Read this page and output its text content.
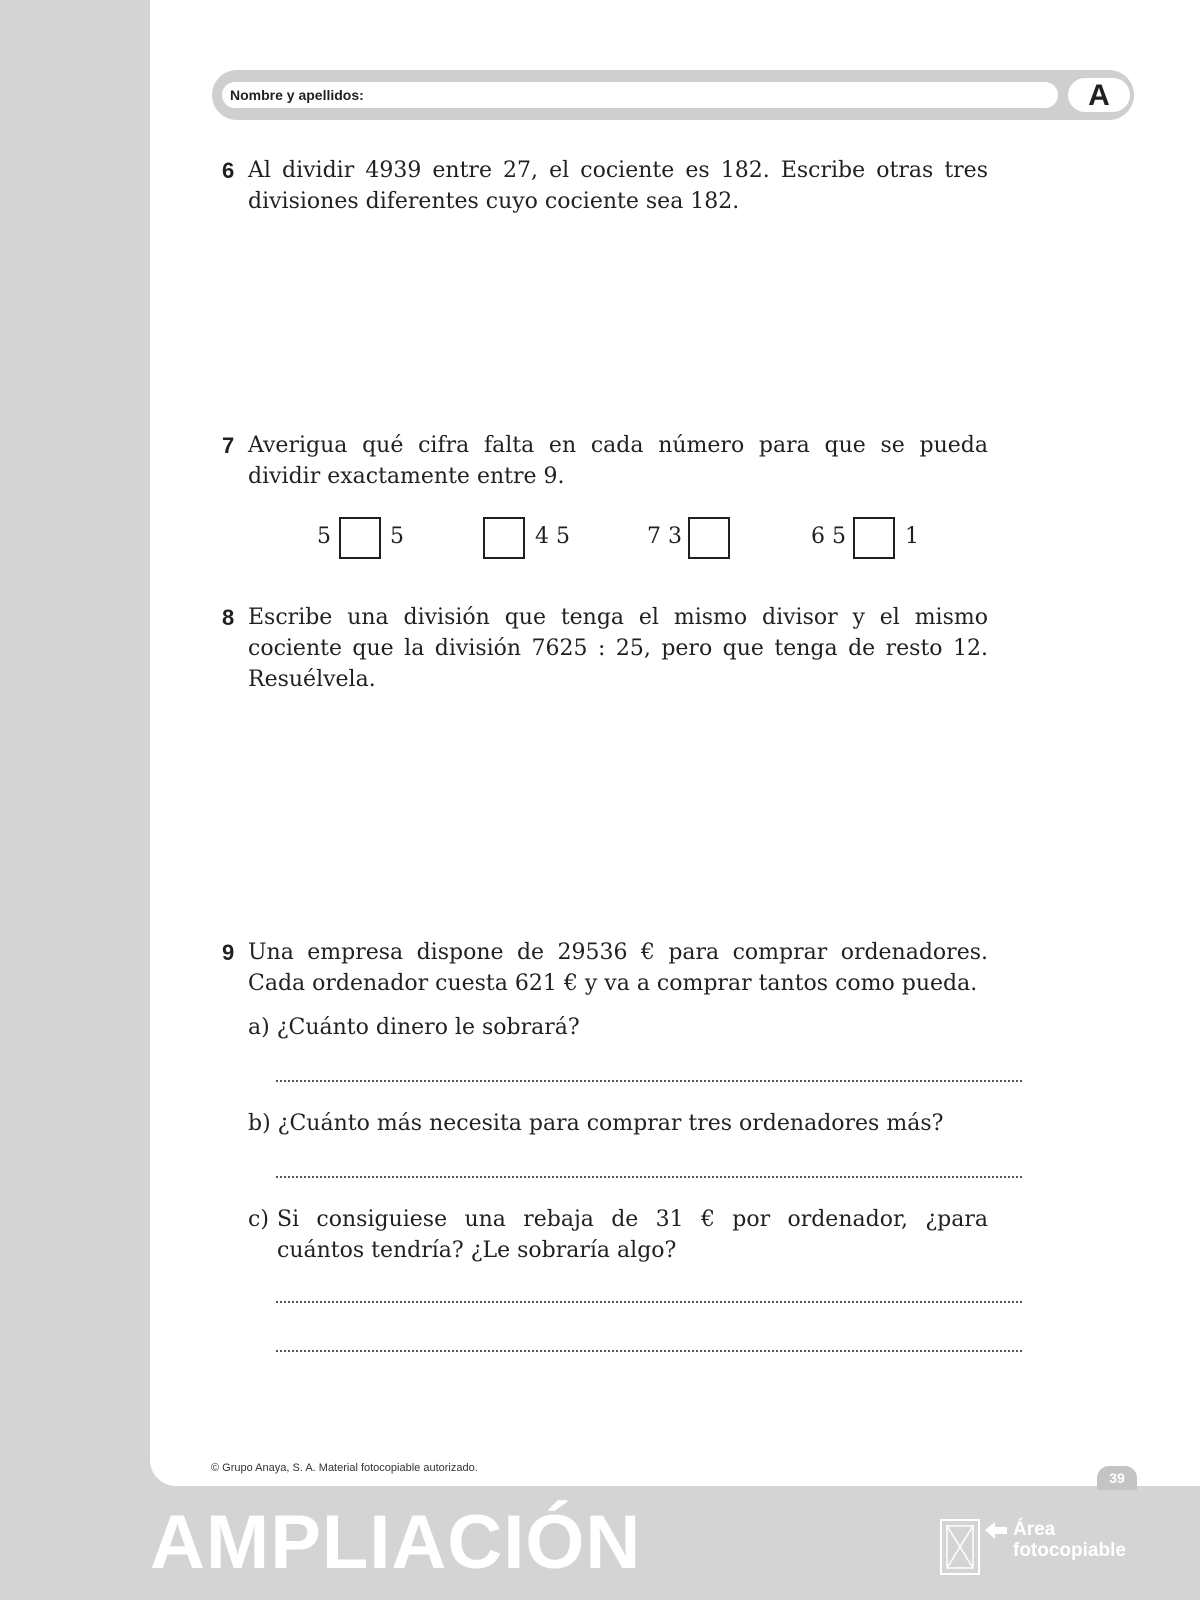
Nombre y apellidos:	A
6 Al dividir 4939 entre 27, el cociente es 182. Escribe otras tres divisiones diferentes cuyo cociente sea 182.
7 Averigua qué cifra falta en cada número para que se pueda dividir exactamente entre 9.
5	5	4 5	7 3	6 5	1
8 Escribe una división que tenga el mismo divisor y el mismo cociente que la división 7625 : 25, pero que tenga de resto 12. Resuélvela.
9 Una empresa dispone de 29536 € para comprar ordenadores. Cada ordenador cuesta 621 € y va a comprar tantos como pueda.
a) ¿Cuánto dinero le sobrará?
b) ¿Cuánto más necesita para comprar tres ordenadores más?
c) Si consiguiese una rebaja de 31 € por ordenador, ¿para cuántos tendría? ¿Le sobraría algo?
© Grupo Anaya, S. A. Material fotocopiable autorizado.
39
AMPLIACIÓN	Área
fotocopiable
